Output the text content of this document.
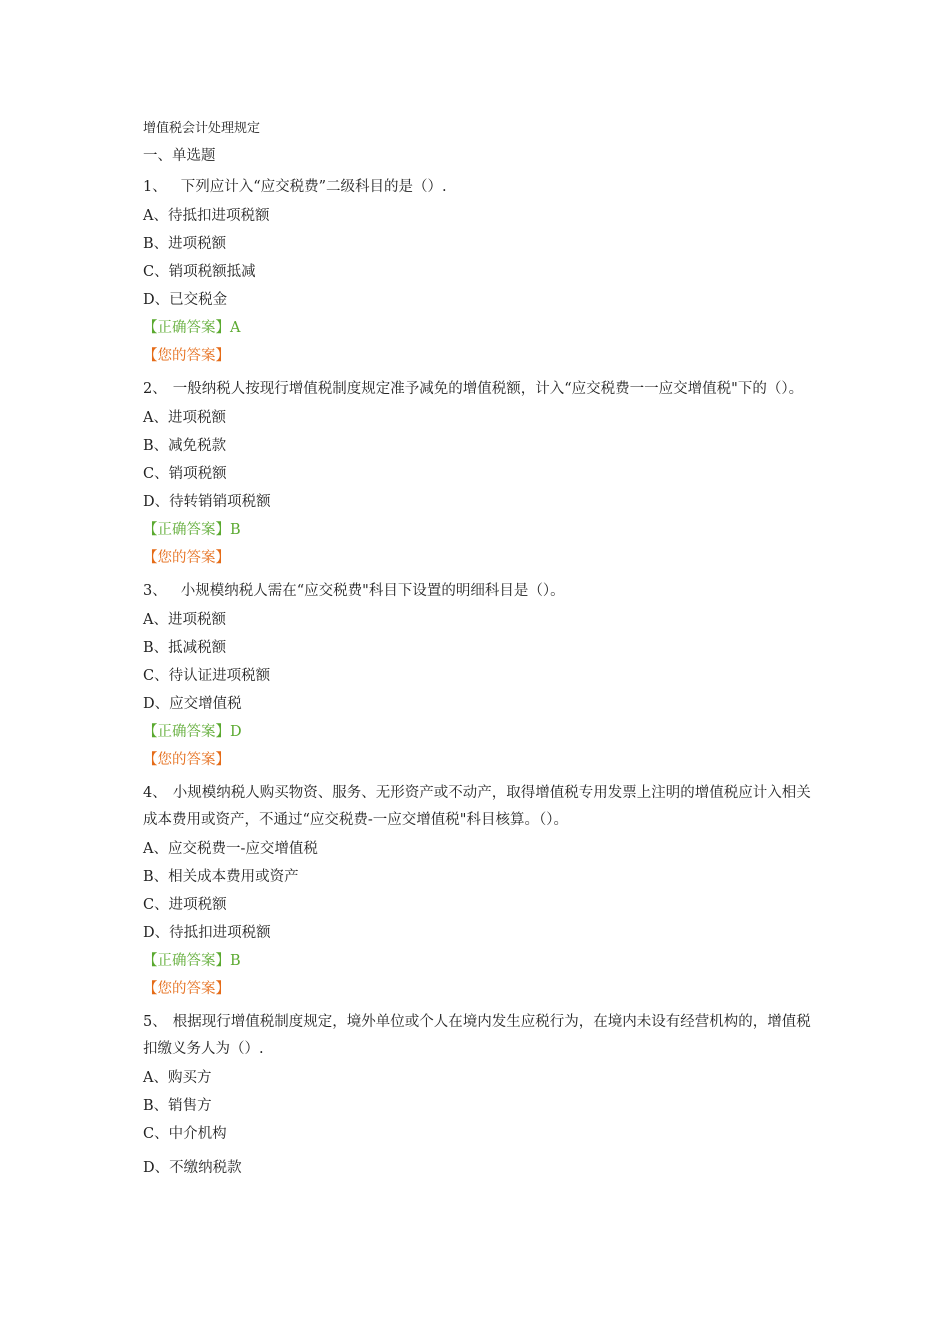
增值税会计处理规定

一、单选题

1、 下列应计入“应交税费”二级科目的是（）.

A、待抵扣进项税额

B、进项税额

C、销项税额抵减

D、已交税金

【正确答案】A

【您的答案】

2、 一般纳税人按现行增值税制度规定准予减免的增值税额，计入“应交税费一一应交增值税"下的（）。

A、进项税额

B、减免税款

C、销项税额

D、待转销销项税额

【正确答案】B

【您的答案】

3、 小规模纳税人需在“应交税费"科目下设置的明细科目是（）。

A、进项税额

B、抵减税额

C、待认证进项税额

D、应交增值税

【正确答案】D

【您的答案】

4、 小规模纳税人购买物资、服务、无形资产或不动产，取得增值税专用发票上注明的增值税应计入相关成本费用或资产，不通过“应交税费-一应交增值税"科目核算。（）。

A、应交税费一-应交增值税

B、相关成本费用或资产

C、进项税额

D、待抵扣进项税额

【正确答案】B

【您的答案】

5、 根据现行增值税制度规定，境外单位或个人在境内发生应税行为，在境内未设有经营机构的，增值税扣缴义务人为（）.

A、购买方

B、销售方

C、中介机构

D、不缴纳税款
